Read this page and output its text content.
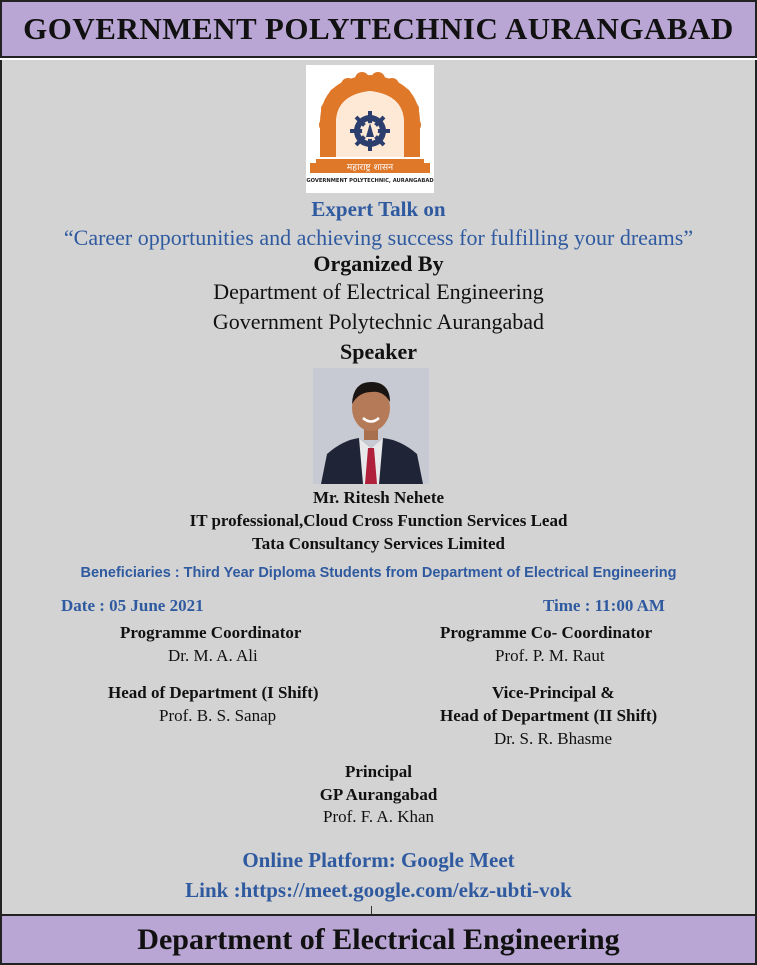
GOVERNMENT POLYTECHNIC AURANGABAD
महाराष्ट्र शासन
GOVERNMENT POLYTECHNIC, AURANGABAD
Expert Talk on
“Career opportunities and achieving success for fulfilling your dreams”
Organized By
Department of Electrical Engineering
Government Polytechnic Aurangabad
Speaker
Mr. Ritesh Nehete
IT professional,Cloud Cross Function Services Lead
Tata Consultancy Services Limited
Beneficiaries : Third Year Diploma Students from Department of Electrical Engineering
Date : 05 June 2021	Time : 11:00 AM
Programme Coordinator
Dr. M. A. Ali
Head of Department (I Shift)
Prof. B. S. Sanap
Programme Co- Coordinator
Prof. P. M. Raut
Vice-Principal &
Head of Department (II Shift)
Dr. S. R. Bhasme
Principal
GP Aurangabad
Prof. F. A. Khan
Online Platform: Google Meet
Link :https://meet.google.com/ekz-ubti-vok
Department of Electrical Engineering
